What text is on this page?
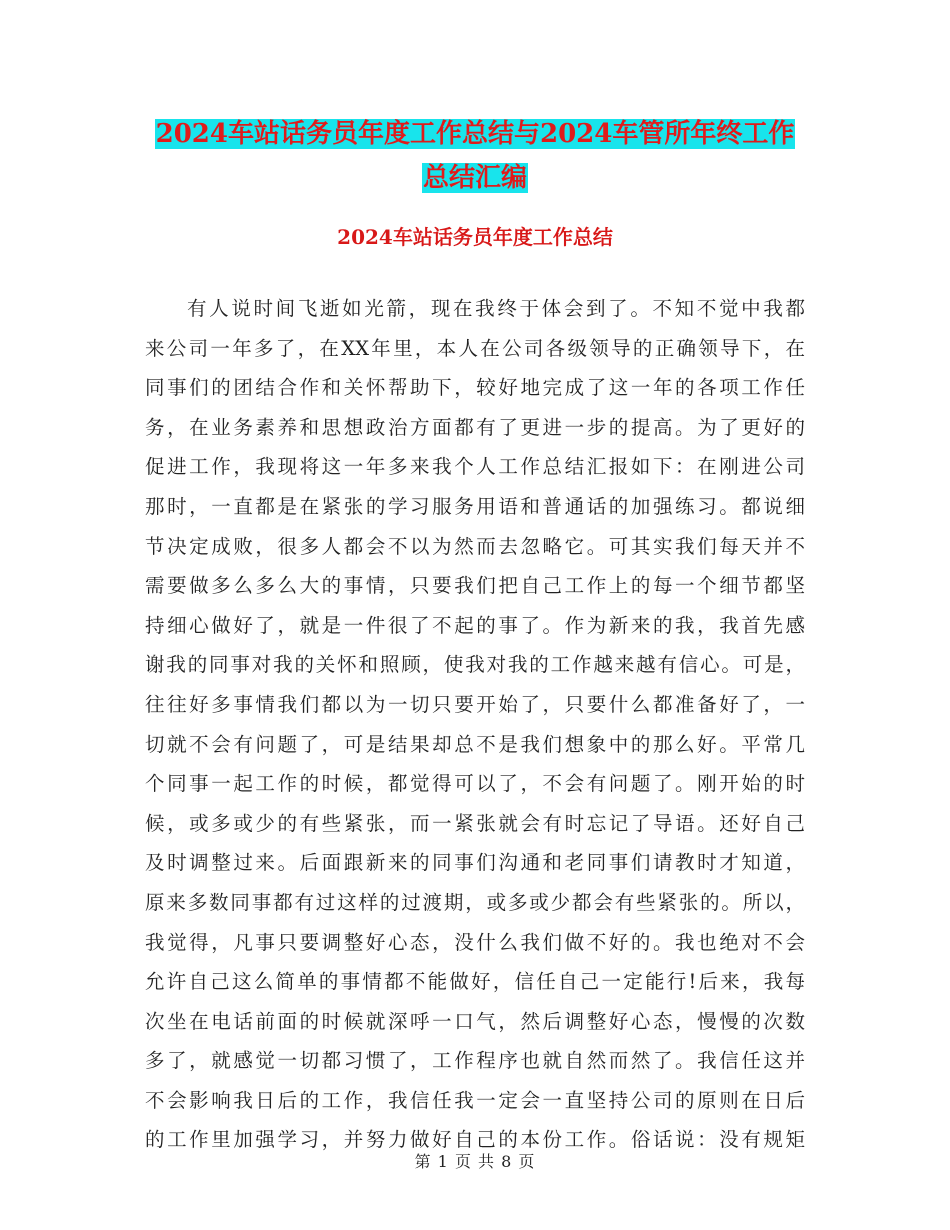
2024车站话务员年度工作总结与2024车管所年终工作
总结汇编
2024车站话务员年度工作总结
有人说时间飞逝如光箭，现在我终于体会到了。不知不觉中我都
来公司一年多了，在XX年里，本人在公司各级领导的正确领导下，在
同事们的团结合作和关怀帮助下，较好地完成了这一年的各项工作任
务，在业务素养和思想政治方面都有了更进一步的提高。为了更好的
促进工作，我现将这一年多来我个人工作总结汇报如下：在刚进公司
那时，一直都是在紧张的学习服务用语和普通话的加强练习。都说细
节决定成败，很多人都会不以为然而去忽略它。可其实我们每天并不
需要做多么多么大的事情，只要我们把自己工作上的每一个细节都坚
持细心做好了，就是一件很了不起的事了。作为新来的我，我首先感
谢我的同事对我的关怀和照顾，使我对我的工作越来越有信心。可是，
往往好多事情我们都以为一切只要开始了，只要什么都准备好了，一
切就不会有问题了，可是结果却总不是我们想象中的那么好。平常几
个同事一起工作的时候，都觉得可以了，不会有问题了。刚开始的时
候，或多或少的有些紧张，而一紧张就会有时忘记了导语。还好自己
及时调整过来。后面跟新来的同事们沟通和老同事们请教时才知道，
原来多数同事都有过这样的过渡期，或多或少都会有些紧张的。所以，
我觉得，凡事只要调整好心态，没什么我们做不好的。我也绝对不会
允许自己这么简单的事情都不能做好，信任自己一定能行!后来，我每
次坐在电话前面的时候就深呼一口气，然后调整好心态，慢慢的次数
多了，就感觉一切都习惯了，工作程序也就自然而然了。我信任这并
不会影响我日后的工作，我信任我一定会一直坚持公司的原则在日后
的工作里加强学习，并努力做好自己的本份工作。俗话说：没有规矩
第 1 页 共 8 页
